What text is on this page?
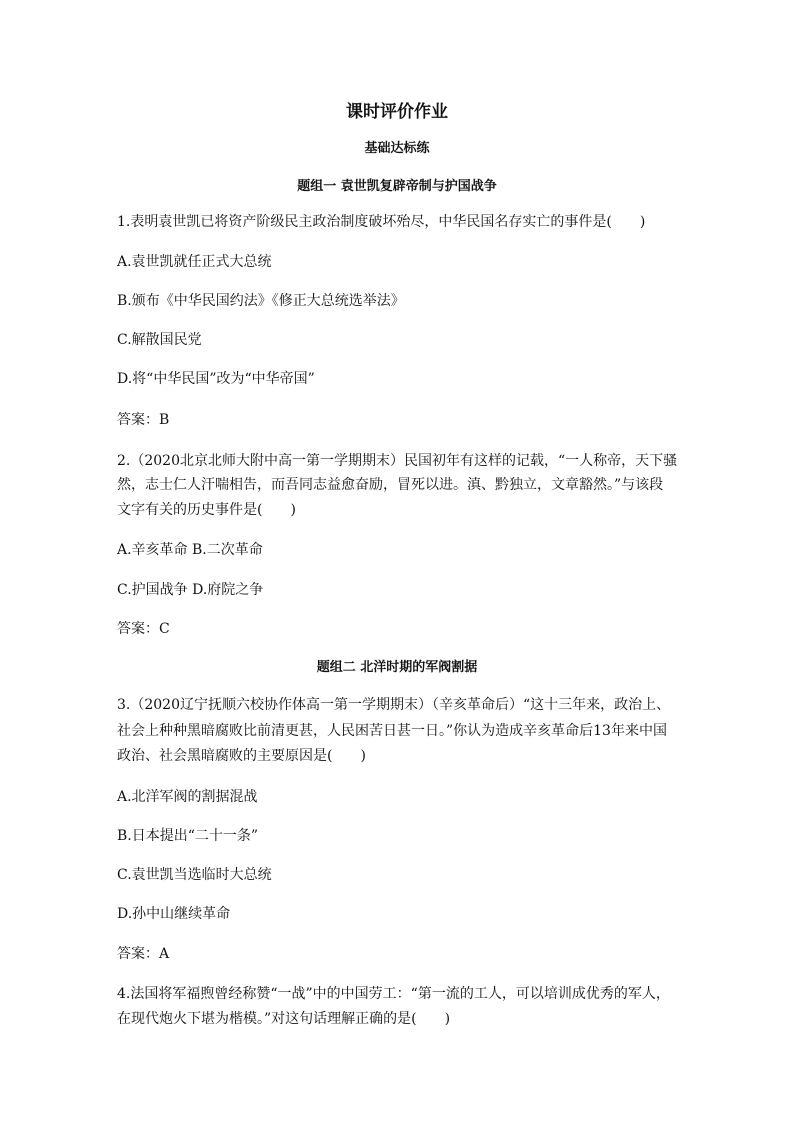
课时评价作业
基础达标练
题组一 袁世凯复辟帝制与护国战争
1.表明袁世凯已将资产阶级民主政治制度破坏殆尽，中华民国名存实亡的事件是(　　)
A.袁世凯就任正式大总统
B.颁布《中华民国约法》《修正大总统选举法》
C.解散国民党
D.将“中华民国”改为“中华帝国”
答案：B
2.（2020北京北师大附中高一第一学期期末）民国初年有这样的记载，“一人称帝，天下骚
然，志士仁人汗喘相告，而吾同志益愈奋励，冒死以进。滇、黔独立，文章豁然。”与该段
文字有关的历史事件是(　　)
A.辛亥革命 B.二次革命
C.护国战争 D.府院之争
答案：C
题组二 北洋时期的军阀割据
3.（2020辽宁抚顺六校协作体高一第一学期期末）（辛亥革命后）“这十三年来，政治上、
社会上种种黑暗腐败比前清更甚，人民困苦日甚一日。”你认为造成辛亥革命后13年来中国
政治、社会黑暗腐败的主要原因是(　　)
A.北洋军阀的割据混战
B.日本提出“二十一条”
C.袁世凯当选临时大总统
D.孙中山继续革命
答案：A
4.法国将军福煦曾经称赞“一战”中的中国劳工：“第一流的工人，可以培训成优秀的军人，
在现代炮火下堪为楷模。”对这句话理解正确的是(　　)
